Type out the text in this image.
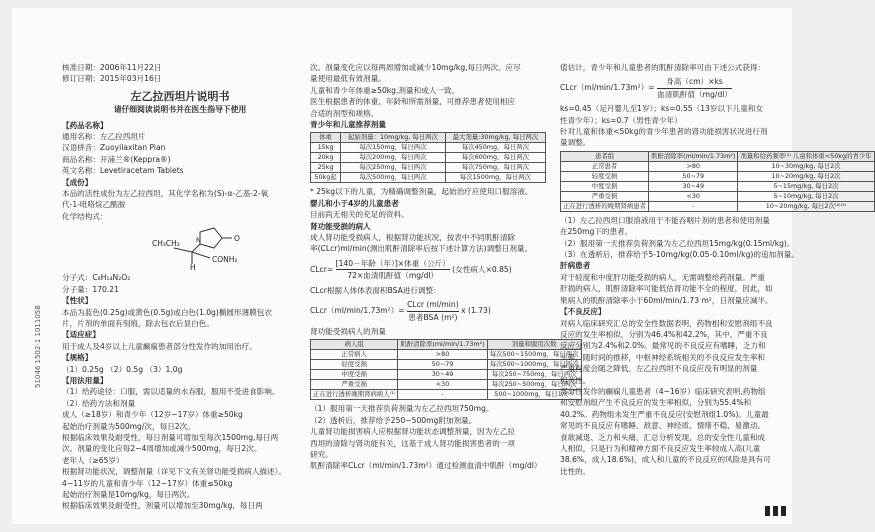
51046 1502-1 1011058
核准日期：2006年11月22日
修订日期：2015年03月16日
左乙拉西坦片说明书
请仔细阅读说明书并在医生指导下使用
【药品名称】
通用名称：左乙拉西坦片
汉语拼音：Zuoyilaxitan Pian
商品名称：开浦兰®(Keppra®)
英文名称：Levetiracetam Tablets
【成份】
本品的活性成份为左乙拉西坦，其化学名称为(S)-α-乙基-2-氧
代-1-吡咯烷乙酰胺
化学结构式：
CH₃CH₂
H
O
CONH₂
N
分子式：C₈H₁₄N₂O₂
分子量：170.21
【性状】
本品为蓝色(0.25g)或黄色(0.5g)或白色(1.0g)椭圆形薄膜包衣
片，片剂的单面有刻痕，除去包衣后显白色。
【适应症】
用于成人及4岁以上儿童癫痫患者部分性发作的加用治疗。
【规格】
（1）0.25g （2）0.5g （3）1.0g
【用法用量】
（1）给药途径：口服，需以适量的水吞服，服用不受进食影响。
（2）给药方法和剂量
成人（≥18岁）和青少年（12岁~17岁）体重≥50kg
起始治疗剂量为500mg/次，每日2次。
根据临床效果及耐受性，每日剂量可增加至每次1500mg,每日两
次。剂量的变化应每2~4周增加或减少500mg，每日2次。
老年人（≥65岁）
根据肾功能状况，调整剂量（详见下文有关肾功能受损病人描述）。
4~11岁的儿童和青少年（12~17岁）体重≤50kg
起始治疗剂量是10mg/kg，每日两次。
根据临床效果及耐受性，剂量可以增加至30mg/kg，每日两
次。剂量变化应以每两周增加或减少10mg/kg,每日两次。应尽
量使用最低有效剂量。
儿童和青少年体重≥50kg,剂量和成人一致。
医生根据患者的体重、年龄和所需剂量，可推荐患者使用相应
合适的剂型和规格。
青少年和儿童推荐剂量
体重	起始剂量：10mg/kg, 每日两次	最大剂量:30mg/kg, 每日两次
15kg	每次150mg，每日两次	每次450mg，每日两次
20kg	每次200mg，每日两次	每次600mg，每日两次
25kg	每次250mg，每日两次	每次750mg，每日两次
50kg起	每次500mg，每日两次	每次1500mg，每日两次
* 25kg以下的儿童，为精确调整剂量，起始治疗应使用口服溶液。
婴儿和小于4岁的儿童患者
目前尚无相关的充足的资料。
肾功能受损的病人
成人肾功能受损病人，根据肾功能状况，按表中不同肌酐清除
率(CLcr)ml/min(测出肌酐清除率后按下述计算方法)调整日剂量。
CLcr=
[140－年龄（年）]×体重（公斤）
72×血清肌酐值（mg/dl）
(女性病人×0.85)
CLcr根据人体体表面积BSA进行调整：
CLcr（ml/min/1.73m²）=
CLcr (ml/min)
患者BSA (m²)
x (1.73)
肾功能受损病人的剂量
病人组	肌酐清除率(ml/min/1.73m²)	剂量和服用次数
正常病人	>80	每次500~1500mg，每日两次
轻度受损	50~79	每次500~1000mg，每日两次
中度受损	30~49	每次250~750mg，每日两次
严重受损	<30	每次250~500mg，每日两次
正在进行透析晚期肾病病人⁽¹⁾	-	500~1000mg，每日1次⁽²⁾
（1）服用第一天推荐负荷剂量为左乙拉西坦750mg。
（2）透析后，推荐给予250~500mg附加剂量。
儿童肾功能损害病人应根据肾功能状态调整剂量，因为左乙拉
西坦的清除与肾功能有关，这基于成人肾功能损害患者的一项
研究。
肌酐清除率CLcr（ml/min/1.73m²）通过检测血清中肌酐（mg/dl）
值估计，青少年和儿童患者的肌酐清除率可由下述公式获得：
CLcr（ml/min/1.73m²）=
身高（cm）×ks
血清肌酐值（mg/dl）
ks=0.45（足月婴儿至1岁）；ks=0.55（13岁以下儿童和女
性青少年）；ks=0.7（男性青少年）
针对儿童和体重<50kg的青少年患者的肾功能损害状况进行剂
量调整。
患者组	肌酐清除率(ml/min/1.73m²)	剂量和给药频率⁽¹⁾ 儿童和体重<50kg的青少年
正常患者	>80	10~30mg/kg, 每日2次
轻度受损	50~79	10~20mg/kg, 每日2次
中度受损	30~49	5~15mg/kg, 每日2次
严重受损	<30	5~10mg/kg, 每日2次
正在进行透析的晚期肾病患者	-	10~20mg/kg, 每日2次⁽²⁾⁽³⁾
（1）左乙拉西坦口服溶液用于不能吞咽片剂的患者和使用剂量
在250mg下的患者。
（2）服用第一天推荐负荷剂量为左乙拉西坦15mg/kg(0.15ml/kg)。
（3）在透析后，推荐给予5-10mg/kg(0.05-0.10ml/kg)的追加剂量。
肝病患者
对于轻度和中度肝功能受损的病人，无需调整给药剂量。严重
肝损的病人，肌酐清除率可能低估肾功能不全的程度，因此，如
果病人的肌酐清除率小于60ml/min/1.73 m²，日剂量应减半。
【不良反应】
对病人临床研究汇总的安全性数据表明，药物相和安慰剂组不良
反应的发生率相似，分别为46.4%和42.2%，其中，严重不良
反应分别为2.4%和2.0%。最常见的不良反应有嗜睡，乏力和
头晕，随时间的推移，中枢神经系统相关的不良反应发生率和
严重程度会随之降低。左乙拉西坦不良反应没有明显的剂量
相关性。
部分性发作的癫痫儿童患者（4~16岁）临床研究表明,药物组
和安慰剂组产生不良反应的发生率相似，分别为55.4%和
40.2%。药物组未发生严重不良反应(安慰剂组1.0%)。儿童最
常见的不良反应有嗜睡、敌意、神经质、情绪不稳、易激动、
食欲减退、乏力和头痛，汇总分析发现，总的安全性儿童和成
人相似，只是行为和精神方面不良反应发生率较成人高(儿童
38.6%，成人18.6%)，成人和儿童的不良反应的风险是具有可
比性的。
